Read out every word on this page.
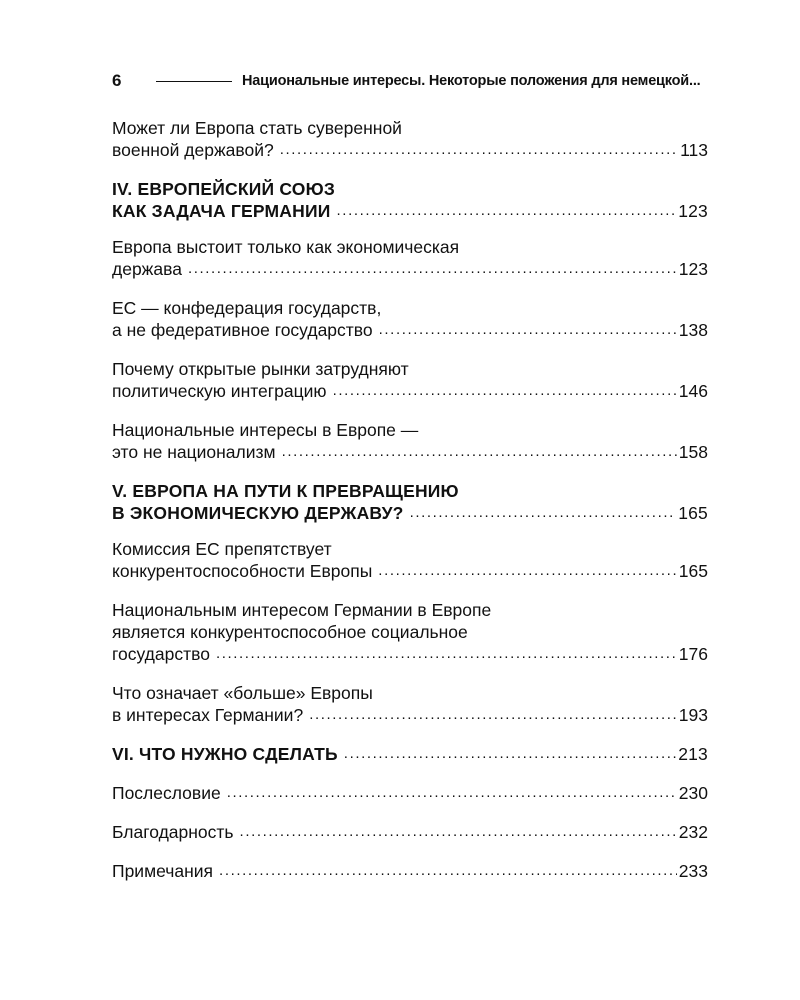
6	Национальные интересы. Некоторые положения для немецкой...
Может ли Европа стать суверенной
военной державой? .....	113
IV. ЕВРОПЕЙСКИЙ СОЮЗ
КАК ЗАДАЧА ГЕРМАНИИ .....	123
Европа выстоит только как экономическая
держава .....	123
ЕС — конфедерация государств,
а не федеративное государство .....	138
Почему открытые рынки затрудняют
политическую интеграцию .....	146
Национальные интересы в Европе —
это не национализм .....	158
V. ЕВРОПА НА ПУТИ К ПРЕВРАЩЕНИЮ
В ЭКОНОМИЧЕСКУЮ ДЕРЖАВУ? .....	165
Комиссия ЕС препятствует
конкурентоспособности Европы .....	165
Национальным интересом Германии в Европе
является конкурентоспособное социальное
государство .....	176
Что означает «больше» Европы
в интересах Германии? .....	193
VI. ЧТО НУЖНО СДЕЛАТЬ .....	213
Послесловие .....	230
Благодарность .....	232
Примечания .....	233
